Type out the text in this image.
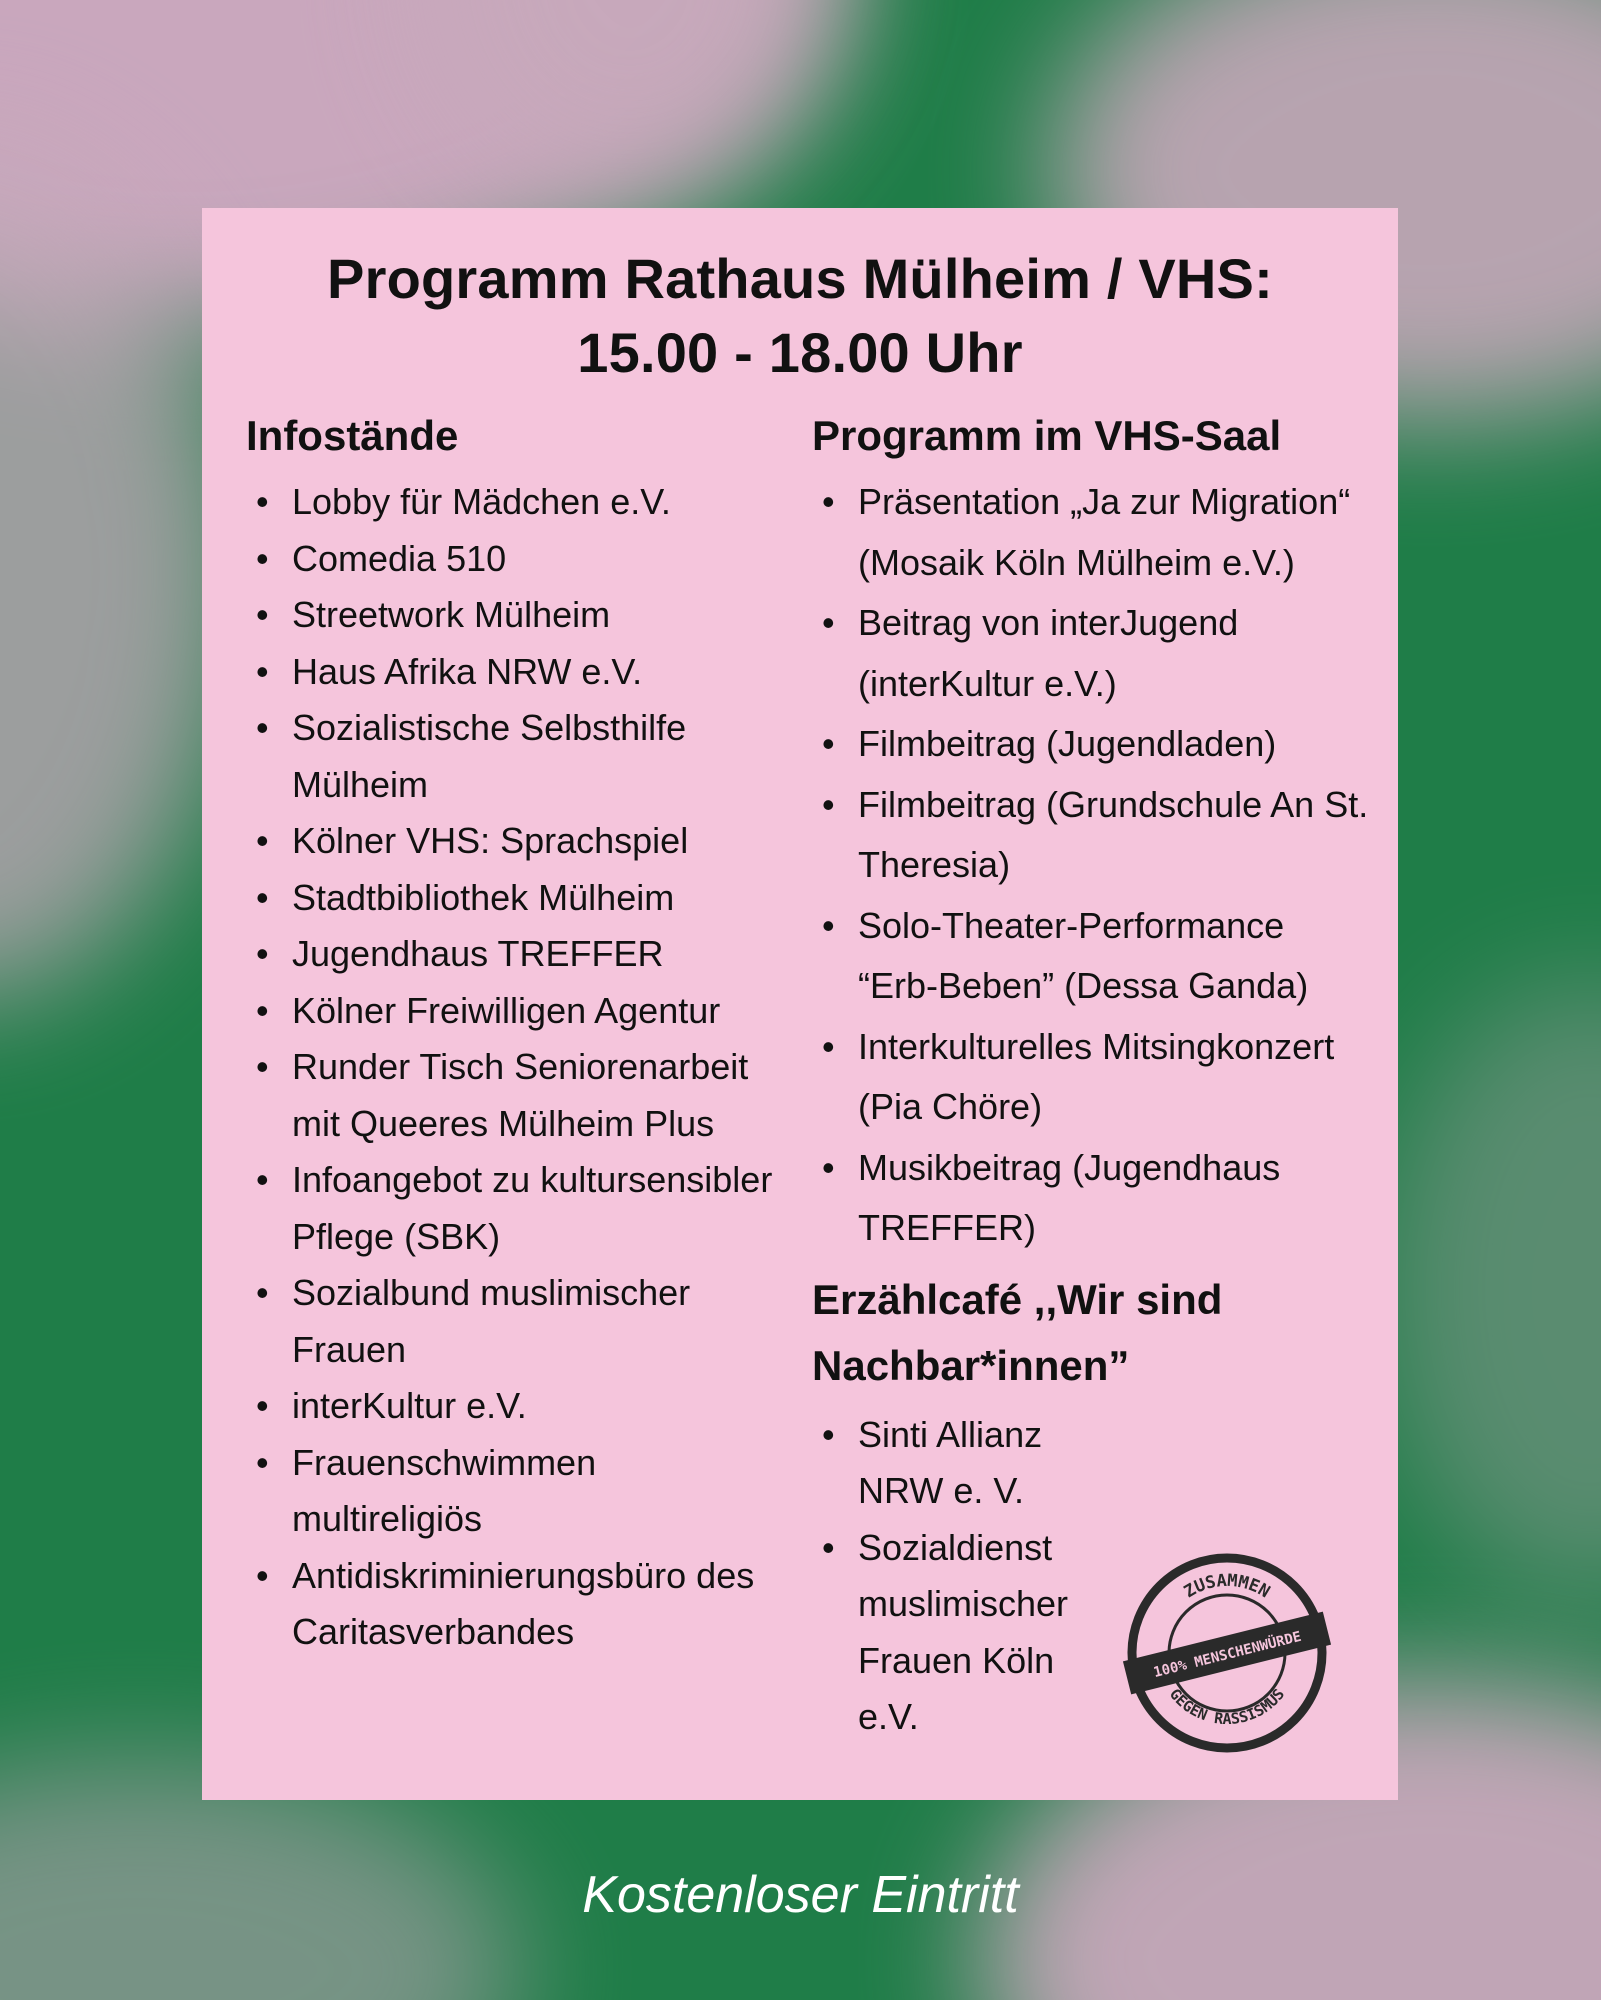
Programm Rathaus Mülheim / VHS:
15.00 - 18.00 Uhr
Infostände
• Lobby für Mädchen e.V.
• Comedia 510
• Streetwork Mülheim
• Haus Afrika NRW e.V.
• Sozialistische Selbsthilfe Mülheim
• Kölner VHS: Sprachspiel
• Stadtbibliothek Mülheim
• Jugendhaus TREFFER
• Kölner Freiwilligen Agentur
• Runder Tisch Seniorenarbeit mit Queeres Mülheim Plus
• Infoangebot zu kultursensibler Pflege (SBK)
• Sozialbund muslimischer Frauen
• interKultur e.V.
• Frauenschwimmen multireligiös
• Antidiskriminierungsbüro des Caritasverbandes
Programm im VHS-Saal
• Präsentation „Ja zur Migration“ (Mosaik Köln Mülheim e.V.)
• Beitrag von interJugend (interKultur e.V.)
• Filmbeitrag (Jugendladen)
• Filmbeitrag (Grundschule An St. Theresia)
• Solo-Theater-Performance “Erb-Beben” (Dessa Ganda)
• Interkulturelles Mitsingkonzert (Pia Chöre)
• Musikbeitrag (Jugendhaus TREFFER)
Erzählcafé ,,Wir sind Nachbar*innen”
• Sinti Allianz NRW e. V.
• Sozialdienst muslimischer Frauen Köln e.V.
ZUSAMMEN
GEGEN RASSISMUS
100% MENSCHENWÜRDE
Kostenloser Eintritt
